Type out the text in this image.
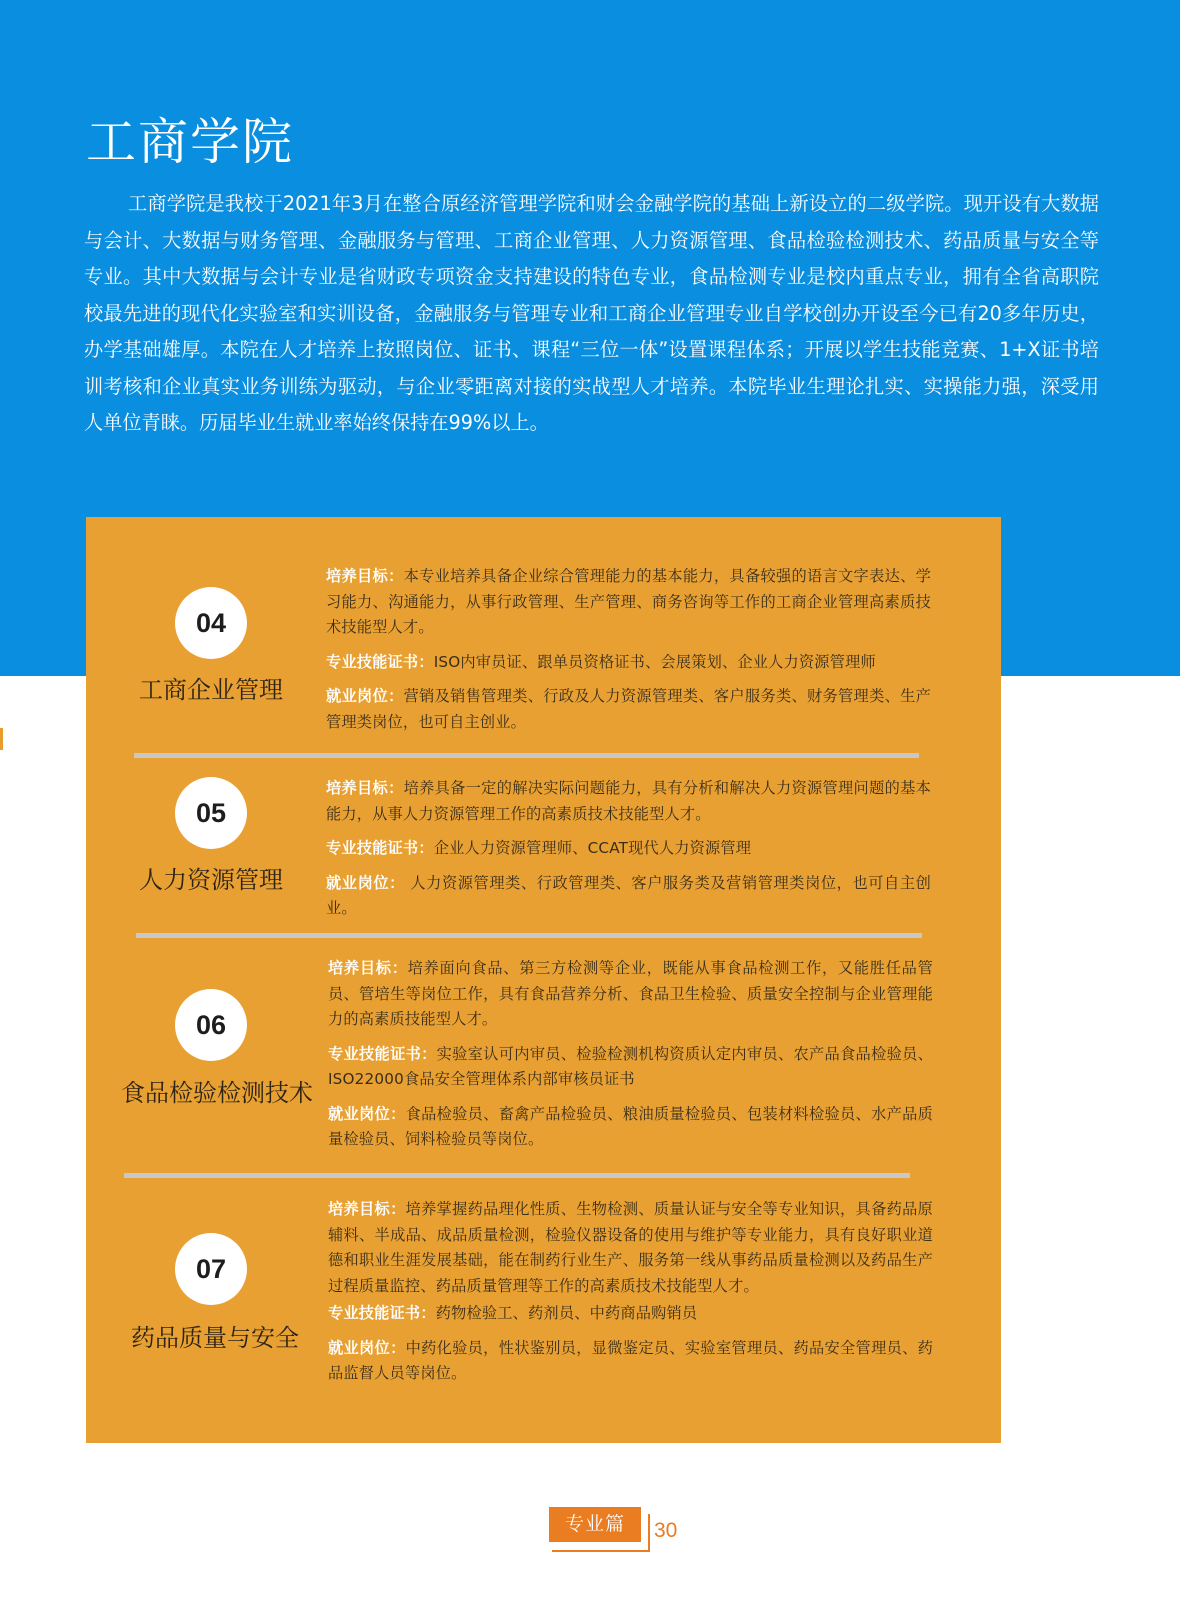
工商学院

工商学院是我校于2021年3月在整合原经济管理学院和财会金融学院的基础上新设立的二级学院。现开设有大数据与会计、大数据与财务管理、金融服务与管理、工商企业管理、人力资源管理、食品检验检测技术、药品质量与安全等专业。其中大数据与会计专业是省财政专项资金支持建设的特色专业，食品检测专业是校内重点专业，拥有全省高职院校最先进的现代化实验室和实训设备，金融服务与管理专业和工商企业管理专业自学校创办开设至今已有20多年历史，办学基础雄厚。本院在人才培养上按照岗位、证书、课程“三位一体”设置课程体系；开展以学生技能竞赛、1+X证书培训考核和企业真实业务训练为驱动，与企业零距离对接的实战型人才培养。本院毕业生理论扎实、实操能力强，深受用人单位青睐。历届毕业生就业率始终保持在99%以上。

04
工商企业管理

培养目标：本专业培养具备企业综合管理能力的基本能力，具备较强的语言文字表达、学习能力、沟通能力，从事行政管理、生产管理、商务咨询等工作的工商企业管理高素质技术技能型人才。

专业技能证书：ISO内审员证、跟单员资格证书、会展策划、企业人力资源管理师

就业岗位：营销及销售管理类、行政及人力资源管理类、客户服务类、财务管理类、生产管理类岗位，也可自主创业。

05
人力资源管理

培养目标：培养具备一定的解决实际问题能力，具有分析和解决人力资源管理问题的基本能力，从事人力资源管理工作的高素质技术技能型人才。

专业技能证书：企业人力资源管理师、CCAT现代人力资源管理

就业岗位： 人力资源管理类、行政管理类、客户服务类及营销管理类岗位，也可自主创业。

06
食品检验检测技术

培养目标：培养面向食品、第三方检测等企业，既能从事食品检测工作，又能胜任品管员、管培生等岗位工作，具有食品营养分析、食品卫生检验、质量安全控制与企业管理能力的高素质技能型人才。

专业技能证书：实验室认可内审员、检验检测机构资质认定内审员、农产品食品检验员、ISO22000食品安全管理体系内部审核员证书

就业岗位：食品检验员、畜禽产品检验员、粮油质量检验员、包装材料检验员、水产品质量检验员、饲料检验员等岗位。

07
药品质量与安全

培养目标：培养掌握药品理化性质、生物检测、质量认证与安全等专业知识，具备药品原辅料、半成品、成品质量检测，检验仪器设备的使用与维护等专业能力，具有良好职业道德和职业生涯发展基础，能在制药行业生产、服务第一线从事药品质量检测以及药品生产过程质量监控、药品质量管理等工作的高素质技术技能型人才。

专业技能证书：药物检验工、药剂员、中药商品购销员

就业岗位：中药化验员，性状鉴别员，显微鉴定员、实验室管理员、药品安全管理员、药品监督人员等岗位。

专业篇	30
